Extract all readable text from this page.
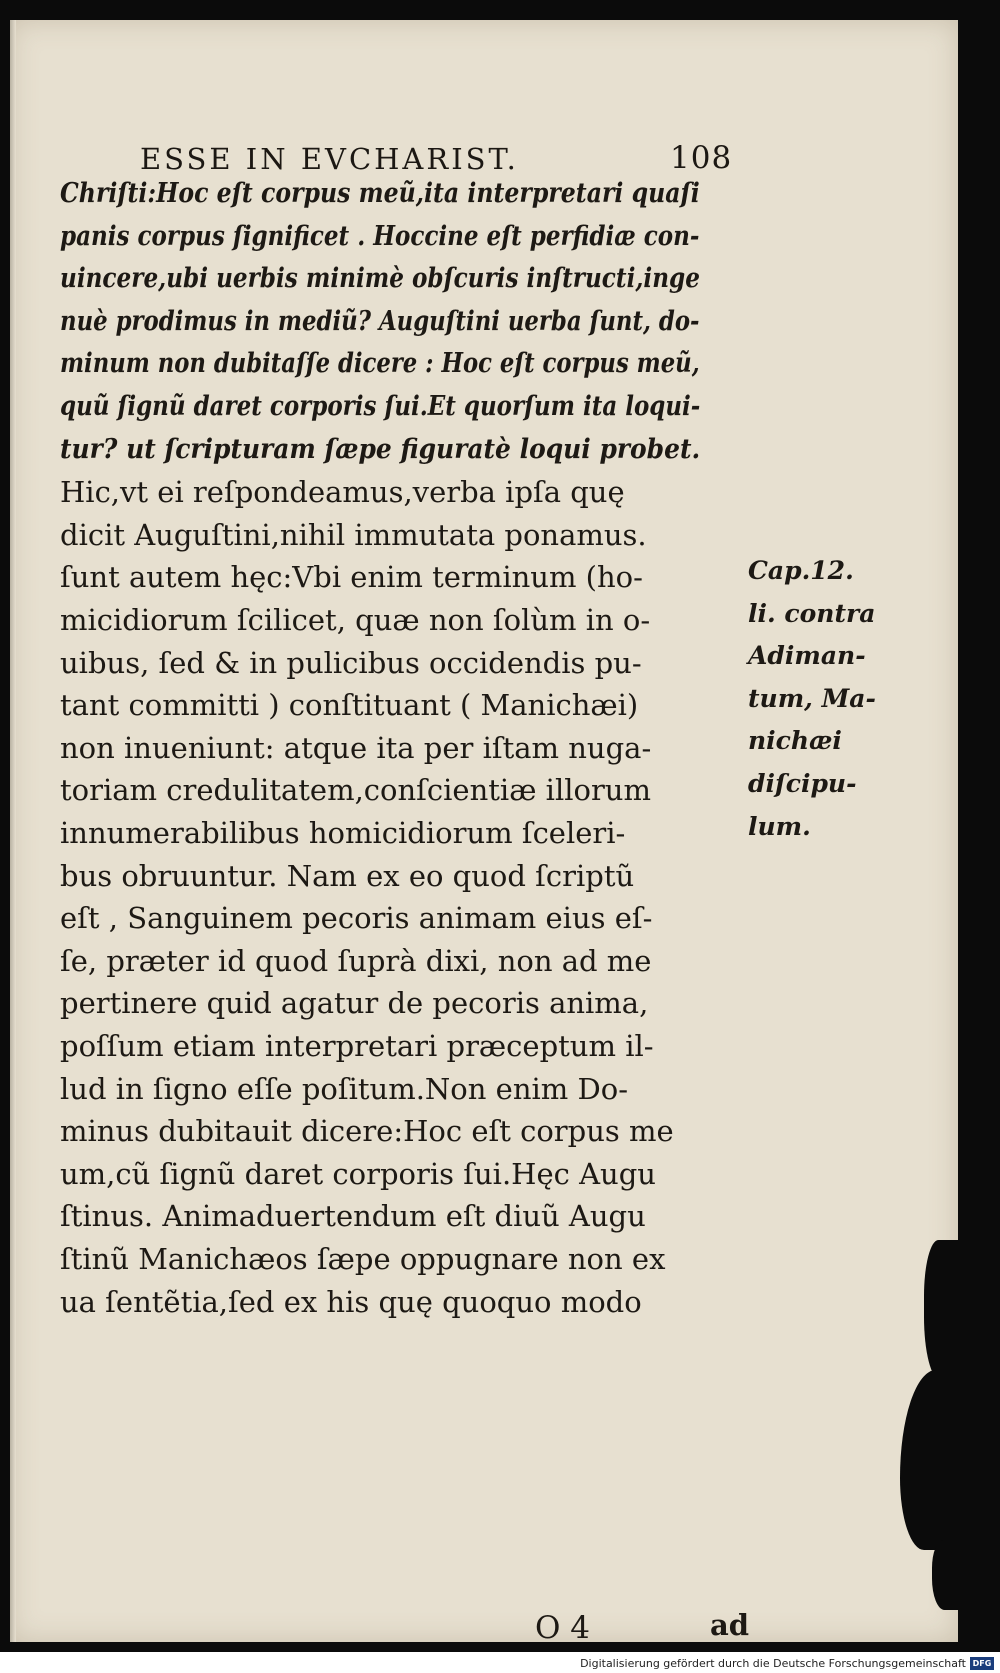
ESSE IN EVCHARIST.	108
Chriſti:Hoc eſt corpus meũ,ita interpretari quaſi
panis corpus ſignificet . Hoccine eſt perfidiæ con-
uincere,ubi uerbis minimè obſcuris inſtructi,inge
nuè prodimus in mediũ? Auguſtini uerba ſunt, do-
minum non dubitaſſe dicere : Hoc eſt corpus meũ,
quũ ſignũ daret corporis ſui.Et quorſum ita loqui-
tur? ut ſcripturam ſæpe figuratè loqui probet.
Hic,vt ei reſpondeamus,verba ipſa quę
dicit Auguſtini,nihil immutata ponamus.
ſunt autem hęc:Vbi enim terminum (ho-
micidiorum ſcilicet, quæ non ſolùm in o-
uibus, ſed & in pulicibus occidendis pu-
tant committi ) conſtituant ( Manichæi)
non inueniunt: atque ita per iſtam nuga-
toriam credulitatem,conſcientiæ illorum
innumerabilibus homicidiorum ſceleri-
bus obruuntur. Nam ex eo quod ſcriptũ
eſt , Sanguinem pecoris animam eius eſ-
ſe, præter id quod ſuprà dixi, non ad me
pertinere quid agatur de pecoris anima,
poſſum etiam interpretari præceptum il-
lud in ſigno eſſe poſitum.Non enim Do-
minus dubitauit dicere:Hoc eſt corpus me
um,cũ ſignũ daret corporis ſui.Hęc Augu
ſtinus. Animaduertendum eſt diuũ Augu
ſtinũ Manichæos ſæpe oppugnare non ex
ua ſentẽtia,ſed ex his quę quoquo modo
Cap.12.
li. contra
Adiman-
tum, Ma-
nichæi
diſcipu-
lum.
O 4	ad
Digitalisierung gefördert durch die Deutsche Forschungsgemeinschaft DFG
